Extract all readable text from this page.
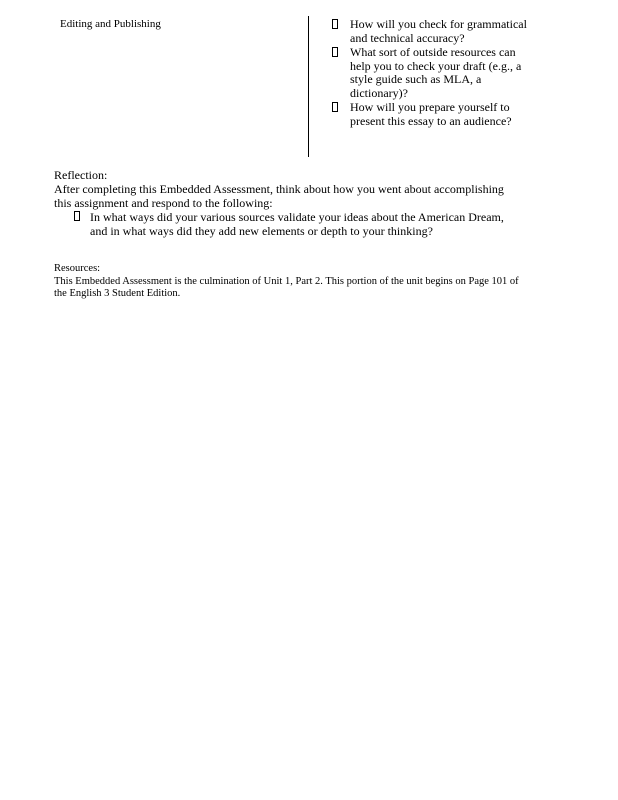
Editing and Publishing	How will you check for grammatical and technical accuracy?
What sort of outside resources can help you to check your draft (e.g., a style guide such as MLA, a dictionary)?
How will you prepare yourself to present this essay to an audience?
Reflection:
After completing this Embedded Assessment, think about how you went about accomplishing this assignment and respond to the following:
In what ways did your various sources validate your ideas about the American Dream, and in what ways did they add new elements or depth to your thinking?
Resources:
This Embedded Assessment is the culmination of Unit 1, Part 2. This portion of the unit begins on Page 101 of the English 3 Student Edition.
